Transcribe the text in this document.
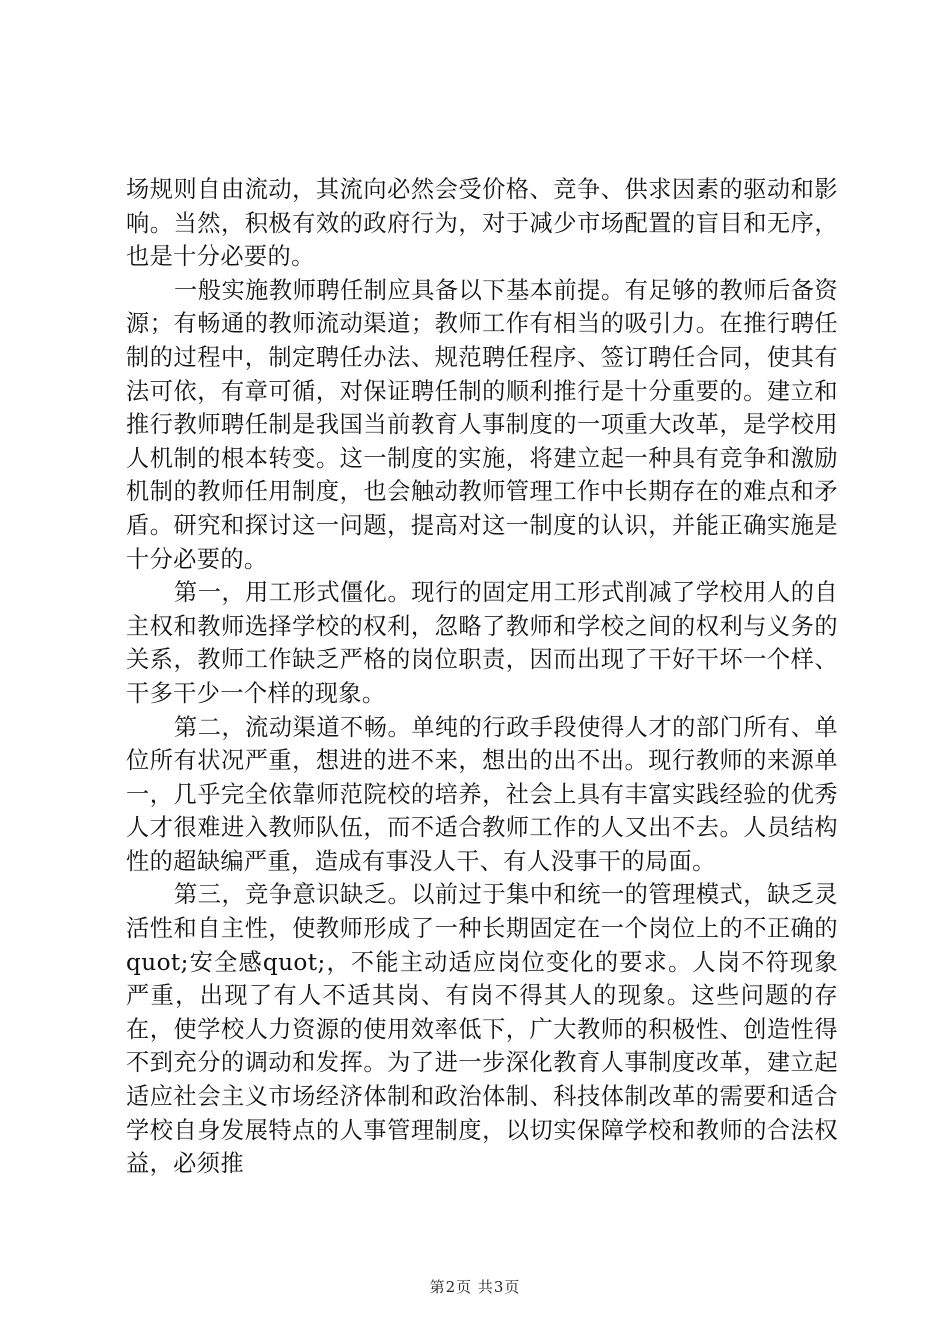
场规则自由流动，其流向必然会受价格、竞争、供求因素的驱动和影响。当然，积极有效的政府行为，对于减少市场配置的盲目和无序，也是十分必要的。

一般实施教师聘任制应具备以下基本前提。有足够的教师后备资源；有畅通的教师流动渠道；教师工作有相当的吸引力。在推行聘任制的过程中，制定聘任办法、规范聘任程序、签订聘任合同，使其有法可依，有章可循，对保证聘任制的顺利推行是十分重要的。建立和推行教师聘任制是我国当前教育人事制度的一项重大改革，是学校用人机制的根本转变。这一制度的实施，将建立起一种具有竞争和激励机制的教师任用制度，也会触动教师管理工作中长期存在的难点和矛盾。研究和探讨这一问题，提高对这一制度的认识，并能正确实施是十分必要的。

第一，用工形式僵化。现行的固定用工形式削减了学校用人的自主权和教师选择学校的权利，忽略了教师和学校之间的权利与义务的关系，教师工作缺乏严格的岗位职责，因而出现了干好干坏一个样、干多干少一个样的现象。

第二，流动渠道不畅。单纯的行政手段使得人才的部门所有、单位所有状况严重，想进的进不来，想出的出不出。现行教师的来源单一，几乎完全依靠师范院校的培养，社会上具有丰富实践经验的优秀人才很难进入教师队伍，而不适合教师工作的人又出不去。人员结构性的超缺编严重，造成有事没人干、有人没事干的局面。

第三，竞争意识缺乏。以前过于集中和统一的管理模式，缺乏灵活性和自主性，使教师形成了一种长期固定在一个岗位上的不正确的quot;安全感quot;，不能主动适应岗位变化的要求。人岗不符现象严重，出现了有人不适其岗、有岗不得其人的现象。这些问题的存在，使学校人力资源的使用效率低下，广大教师的积极性、创造性得不到充分的调动和发挥。为了进一步深化教育人事制度改革，建立起适应社会主义市场经济体制和政治体制、科技体制改革的需要和适合学校自身发展特点的人事管理制度，以切实保障学校和教师的合法权益，必须推

第2页 共3页
